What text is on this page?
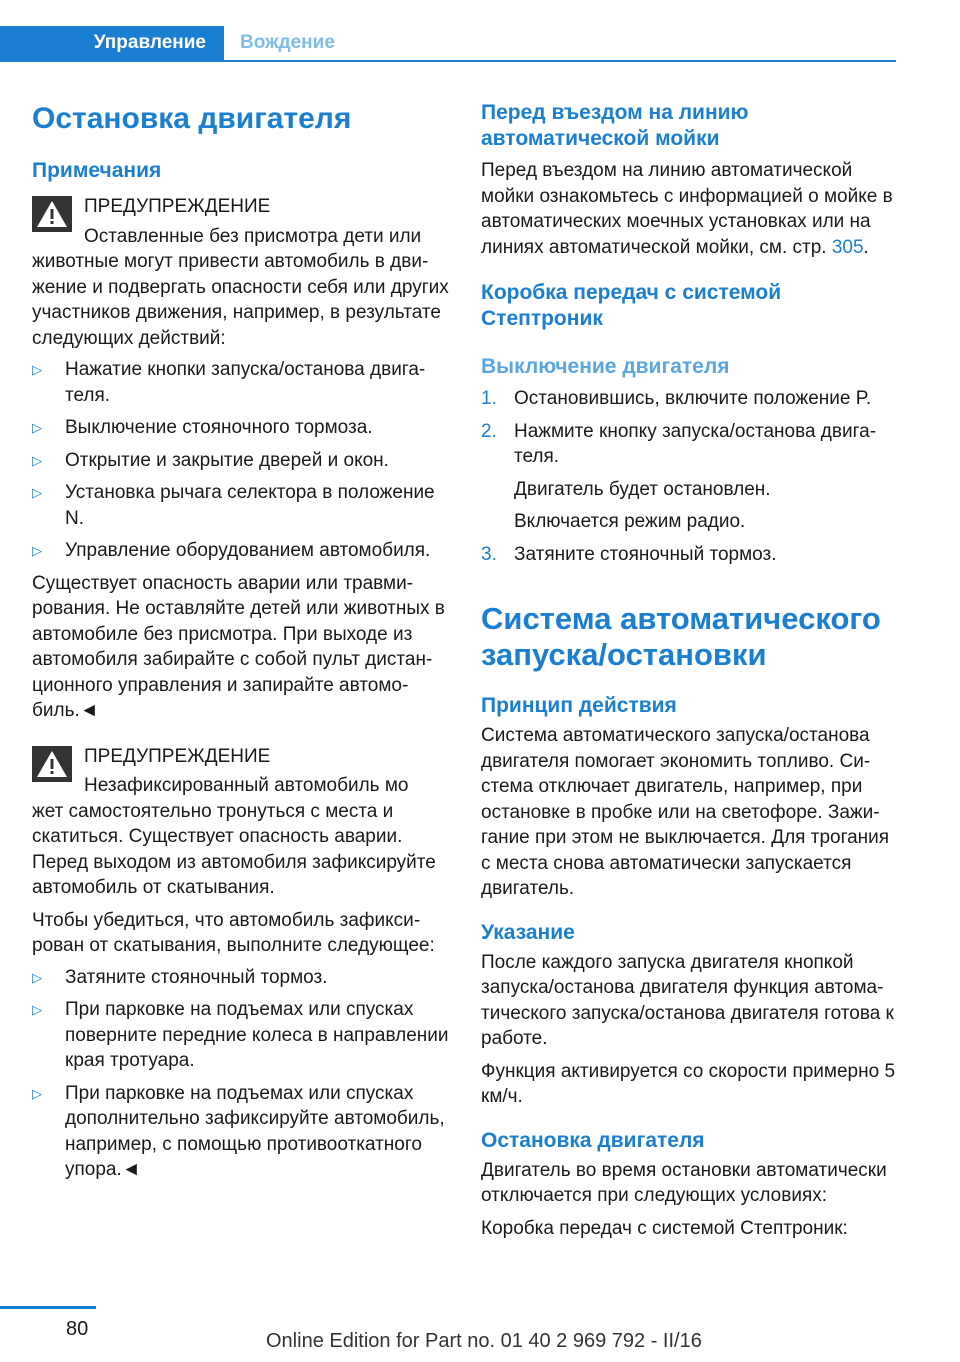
Управление	Вождение
Остановка двигателя
Примечания

ПРЕДУПРЕЖДЕНИЕ

Оставленные без присмотра дети или

животные могут привести автомобиль в движение и подвергать опасности себя или других участников движения, например, в результате следующих действий:

▷ Нажатие кнопки запуска/останова двигателя.
▷ Выключение стояночного тормоза.
▷ Открытие и закрытие дверей и окон.
▷ Установка рычага селектора в положение N.
▷ Управление оборудованием автомобиля.

Существует опасность аварии или травмирования. Не оставляйте детей или животных в автомобиле без присмотра. При выходе из автомобиля забирайте с собой пульт дистанционного управления и запирайте автомобиль.◄

ПРЕДУПРЕЖДЕНИЕ

Незафиксированный автомобиль мо

жет самостоятельно тронуться с места и скатиться. Существует опасность аварии. Перед выходом из автомобиля зафиксируйте автомобиль от скатывания.

Чтобы убедиться, что автомобиль зафиксирован от скатывания, выполните следующее:

▷ Затяните стояночный тормоз.
▷ При парковке на подъемах или спусках поверните передние колеса в направлении края тротуара.
▷ При парковке на подъемах или спусках дополнительно зафиксируйте автомобиль, например, с помощью противооткатного упора.◄
Перед въездом на линию автоматической мойки

Перед въездом на линию автоматической мойки ознакомьтесь с информацией о мойке в автоматических моечных установках или на линиях автоматической мойки, см. стр. 305.

Коробка передач с системой Стептроник
Выключение двигателя
1. Остановившись, включите положение P.
2. Нажмите кнопку запуска/останова двигателя.
Двигатель будет остановлен.
Включается режим радио.
3. Затяните стояночный тормоз.
Система автоматического запуска/остановки
Принцип действия

Система автоматического запуска/останова двигателя помогает экономить топливо. Система отключает двигатель, например, при остановке в пробке или на светофоре. Зажигание при этом не выключается. Для трогания с места снова автоматически запускается двигатель.

Указание

После каждого запуска двигателя кнопкой запуска/останова двигателя функция автоматического запуска/останова двигателя готова к работе.

Функция активируется со скорости примерно 5 км/ч.

Остановка двигателя

Двигатель во время остановки автоматически отключается при следующих условиях:

Коробка передач с системой Стептроник:

80
Online Edition for Part no. 01 40 2 969 792 - II/16
